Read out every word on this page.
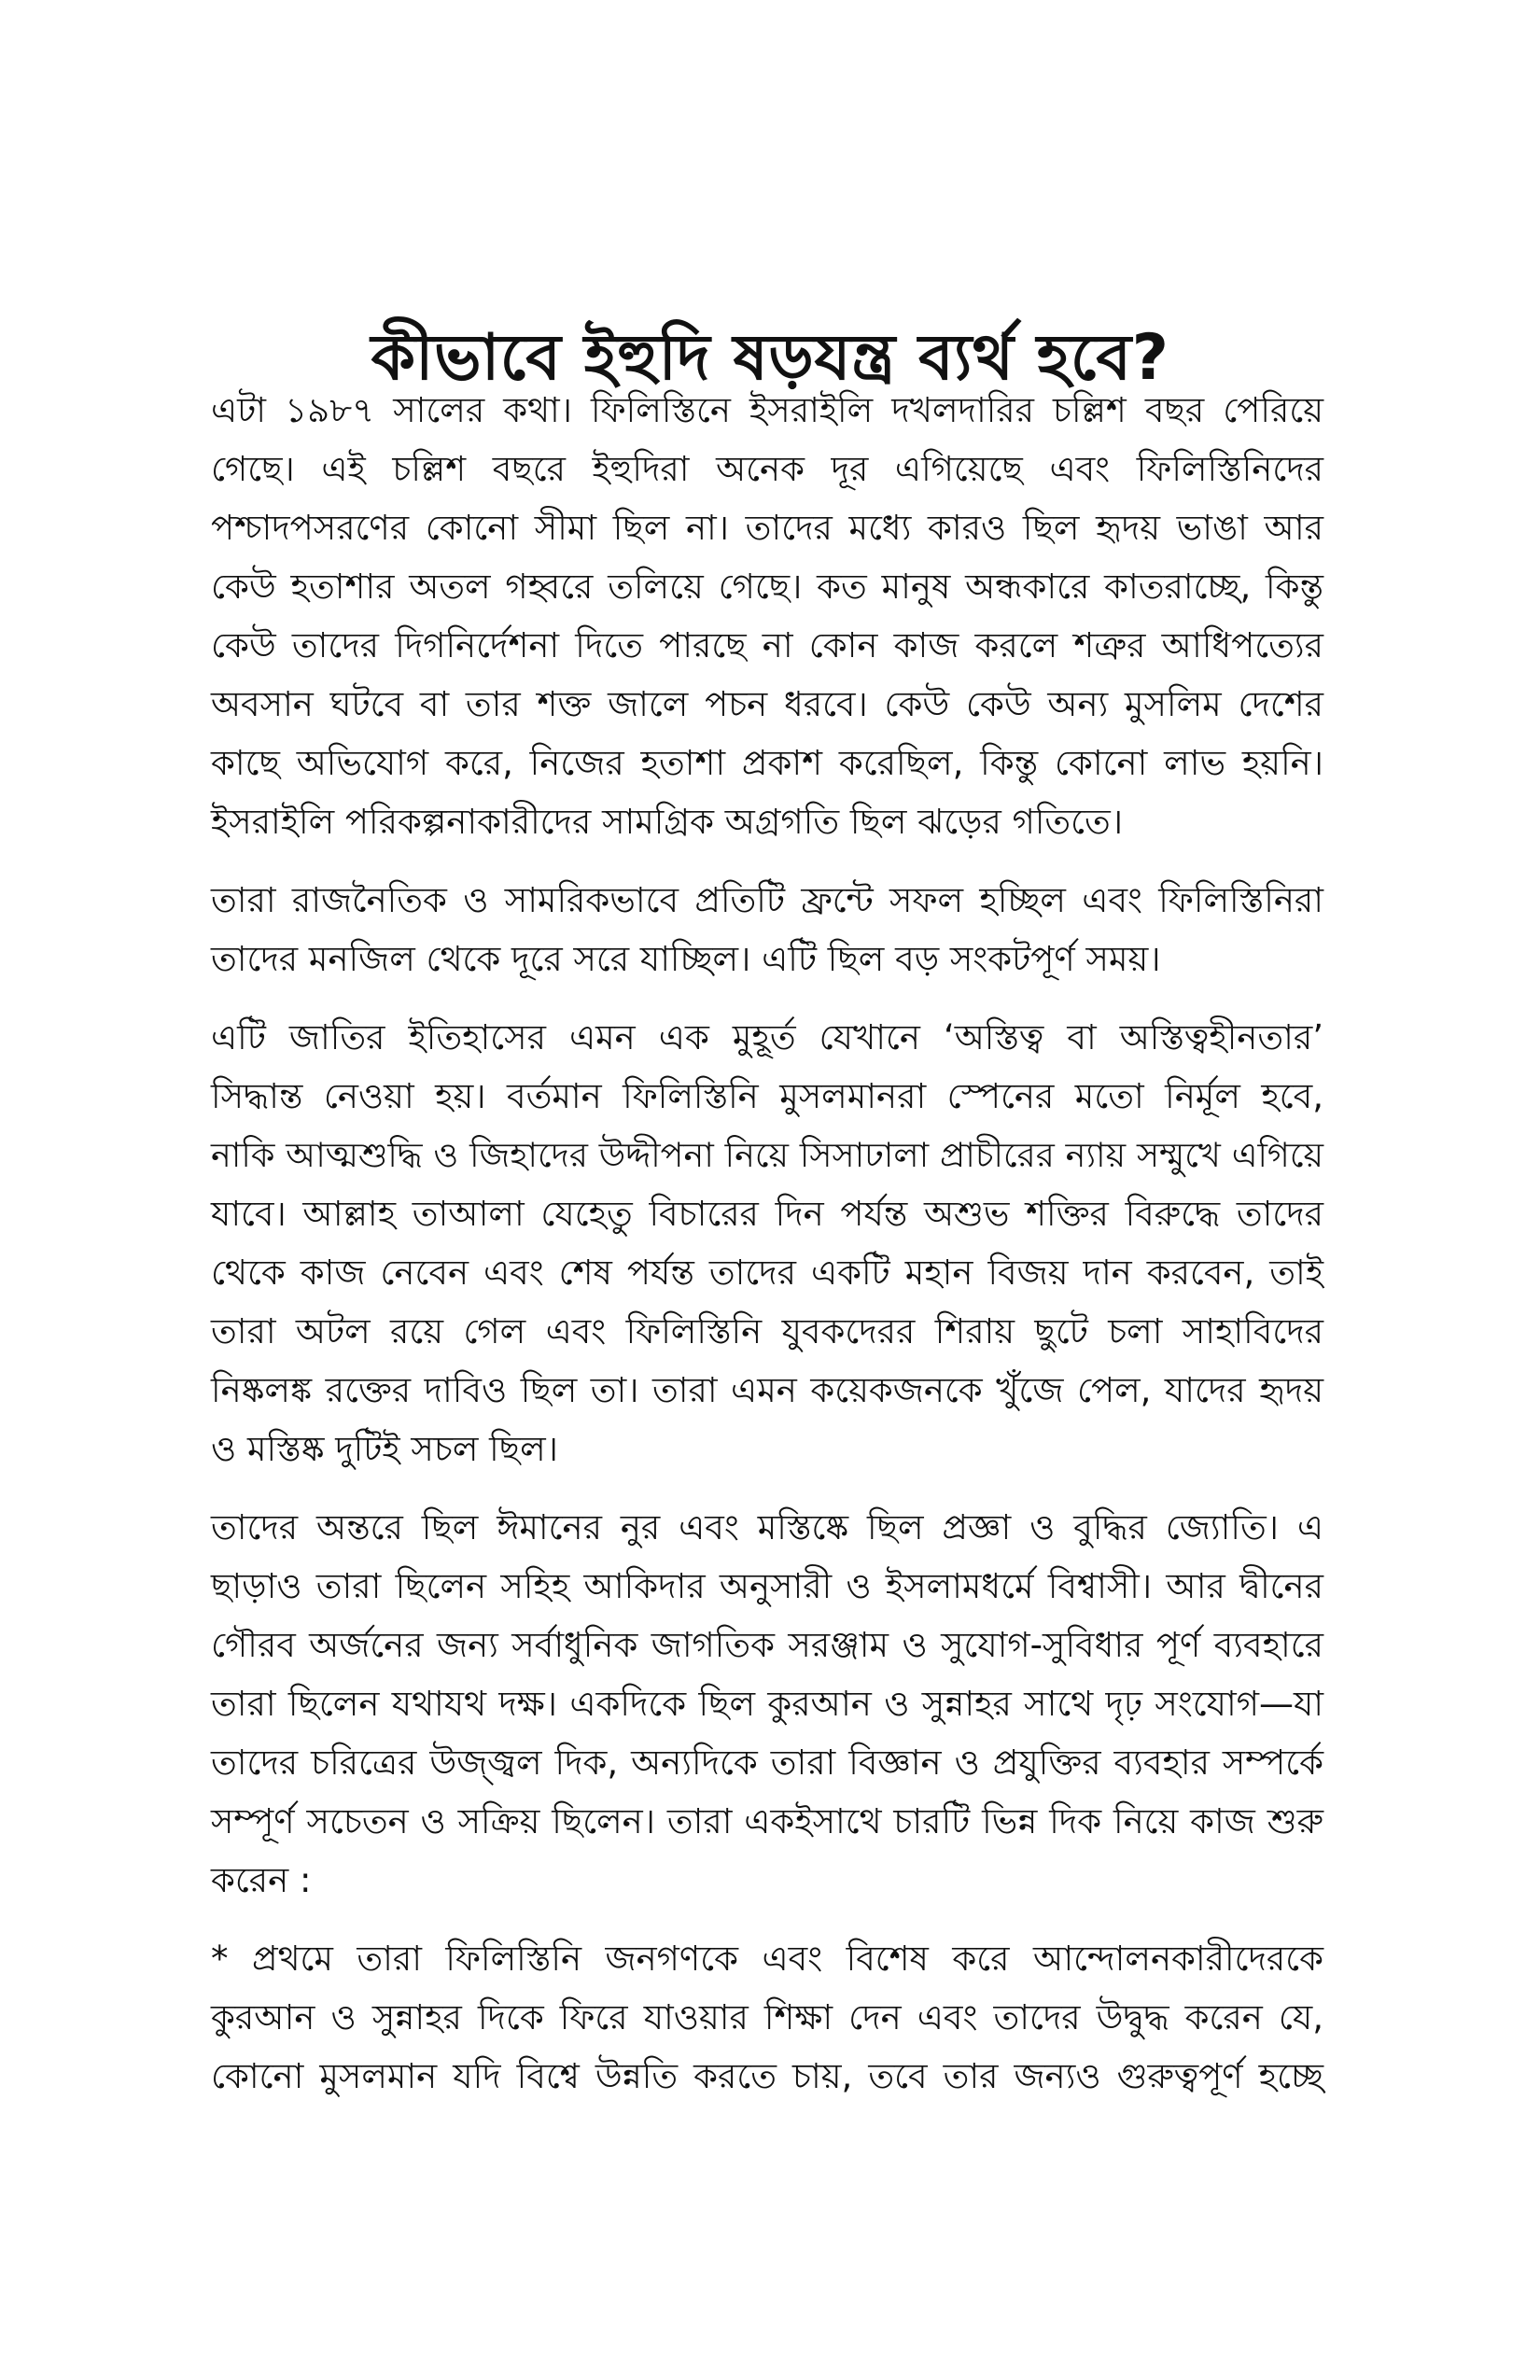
কীভাবে ইহুদি ষড়যন্ত্র ব্যর্থ হবে?
এটা ১৯৮৭ সালের কথা। ফিলিস্তিনে ইসরাইলি দখলদারির চল্লিশ বছর পেরিয়ে
গেছে। এই চল্লিশ বছরে ইহুদিরা অনেক দূর এগিয়েছে এবং ফিলিস্তিনিদের
পশ্চাদপসরণের কোনো সীমা ছিল না। তাদের মধ্যে কারও ছিল হৃদয় ভাঙা আর
কেউ হতাশার অতল গহ্বরে তলিয়ে গেছে। কত মানুষ অন্ধকারে কাতরাচ্ছে, কিন্তু
কেউ তাদের দিগনির্দেশনা দিতে পারছে না কোন কাজ করলে শত্রুর আধিপত্যের
অবসান ঘটবে বা তার শক্ত জালে পচন ধরবে। কেউ কেউ অন্য মুসলিম দেশের
কাছে অভিযোগ করে, নিজের হতাশা প্রকাশ করেছিল, কিন্তু কোনো লাভ হয়নি।
ইসরাইলি পরিকল্পনাকারীদের সামগ্রিক অগ্রগতি ছিল ঝড়ের গতিতে।
তারা রাজনৈতিক ও সামরিকভাবে প্রতিটি ফ্রন্টে সফল হচ্ছিল এবং ফিলিস্তিনিরা
তাদের মনজিল থেকে দূরে সরে যাচ্ছিল। এটি ছিল বড় সংকটপূর্ণ সময়।
এটি জাতির ইতিহাসের এমন এক মুহূর্ত যেখানে ‘অস্তিত্ব বা অস্তিত্বহীনতার’
সিদ্ধান্ত নেওয়া হয়। বর্তমান ফিলিস্তিনি মুসলমানরা স্পেনের মতো নির্মূল হবে,
নাকি আত্মশুদ্ধি ও জিহাদের উদ্দীপনা নিয়ে সিসাঢালা প্রাচীরের ন্যায় সম্মুখে এগিয়ে
যাবে। আল্লাহ তাআলা যেহেতু বিচারের দিন পর্যন্ত অশুভ শক্তির বিরুদ্ধে তাদের
থেকে কাজ নেবেন এবং শেষ পর্যন্ত তাদের একটি মহান বিজয় দান করবেন, তাই
তারা অটল রয়ে গেল এবং ফিলিস্তিনি যুবকদেরর শিরায় ছুটে চলা সাহাবিদের
নিষ্কলঙ্ক রক্তের দাবিও ছিল তা। তারা এমন কয়েকজনকে খুঁজে পেল, যাদের হৃদয়
ও মস্তিষ্ক দুটিই সচল ছিল।
তাদের অন্তরে ছিল ঈমানের নুর এবং মস্তিষ্কে ছিল প্রজ্ঞা ও বুদ্ধির জ্যোতি। এ
ছাড়াও তারা ছিলেন সহিহ আকিদার অনুসারী ও ইসলামধর্মে বিশ্বাসী। আর দ্বীনের
গৌরব অর্জনের জন্য সর্বাধুনিক জাগতিক সরঞ্জাম ও সুযোগ-সুবিধার পূর্ণ ব্যবহারে
তারা ছিলেন যথাযথ দক্ষ। একদিকে ছিল কুরআন ও সুন্নাহর সাথে দৃঢ় সংযোগ—যা
তাদের চরিত্রের উজ্জ্বল দিক, অন্যদিকে তারা বিজ্ঞান ও প্রযুক্তির ব্যবহার সম্পর্কে
সম্পূর্ণ সচেতন ও সক্রিয় ছিলেন। তারা একইসাথে চারটি ভিন্ন দিক নিয়ে কাজ শুরু
করেন :
* প্রথমে তারা ফিলিস্তিনি জনগণকে এবং বিশেষ করে আন্দোলনকারীদেরকে
কুরআন ও সুন্নাহর দিকে ফিরে যাওয়ার শিক্ষা দেন এবং তাদের উদ্বুদ্ধ করেন যে,
কোনো মুসলমান যদি বিশ্বে উন্নতি করতে চায়, তবে তার জন্যও গুরুত্বপূর্ণ হচ্ছে
